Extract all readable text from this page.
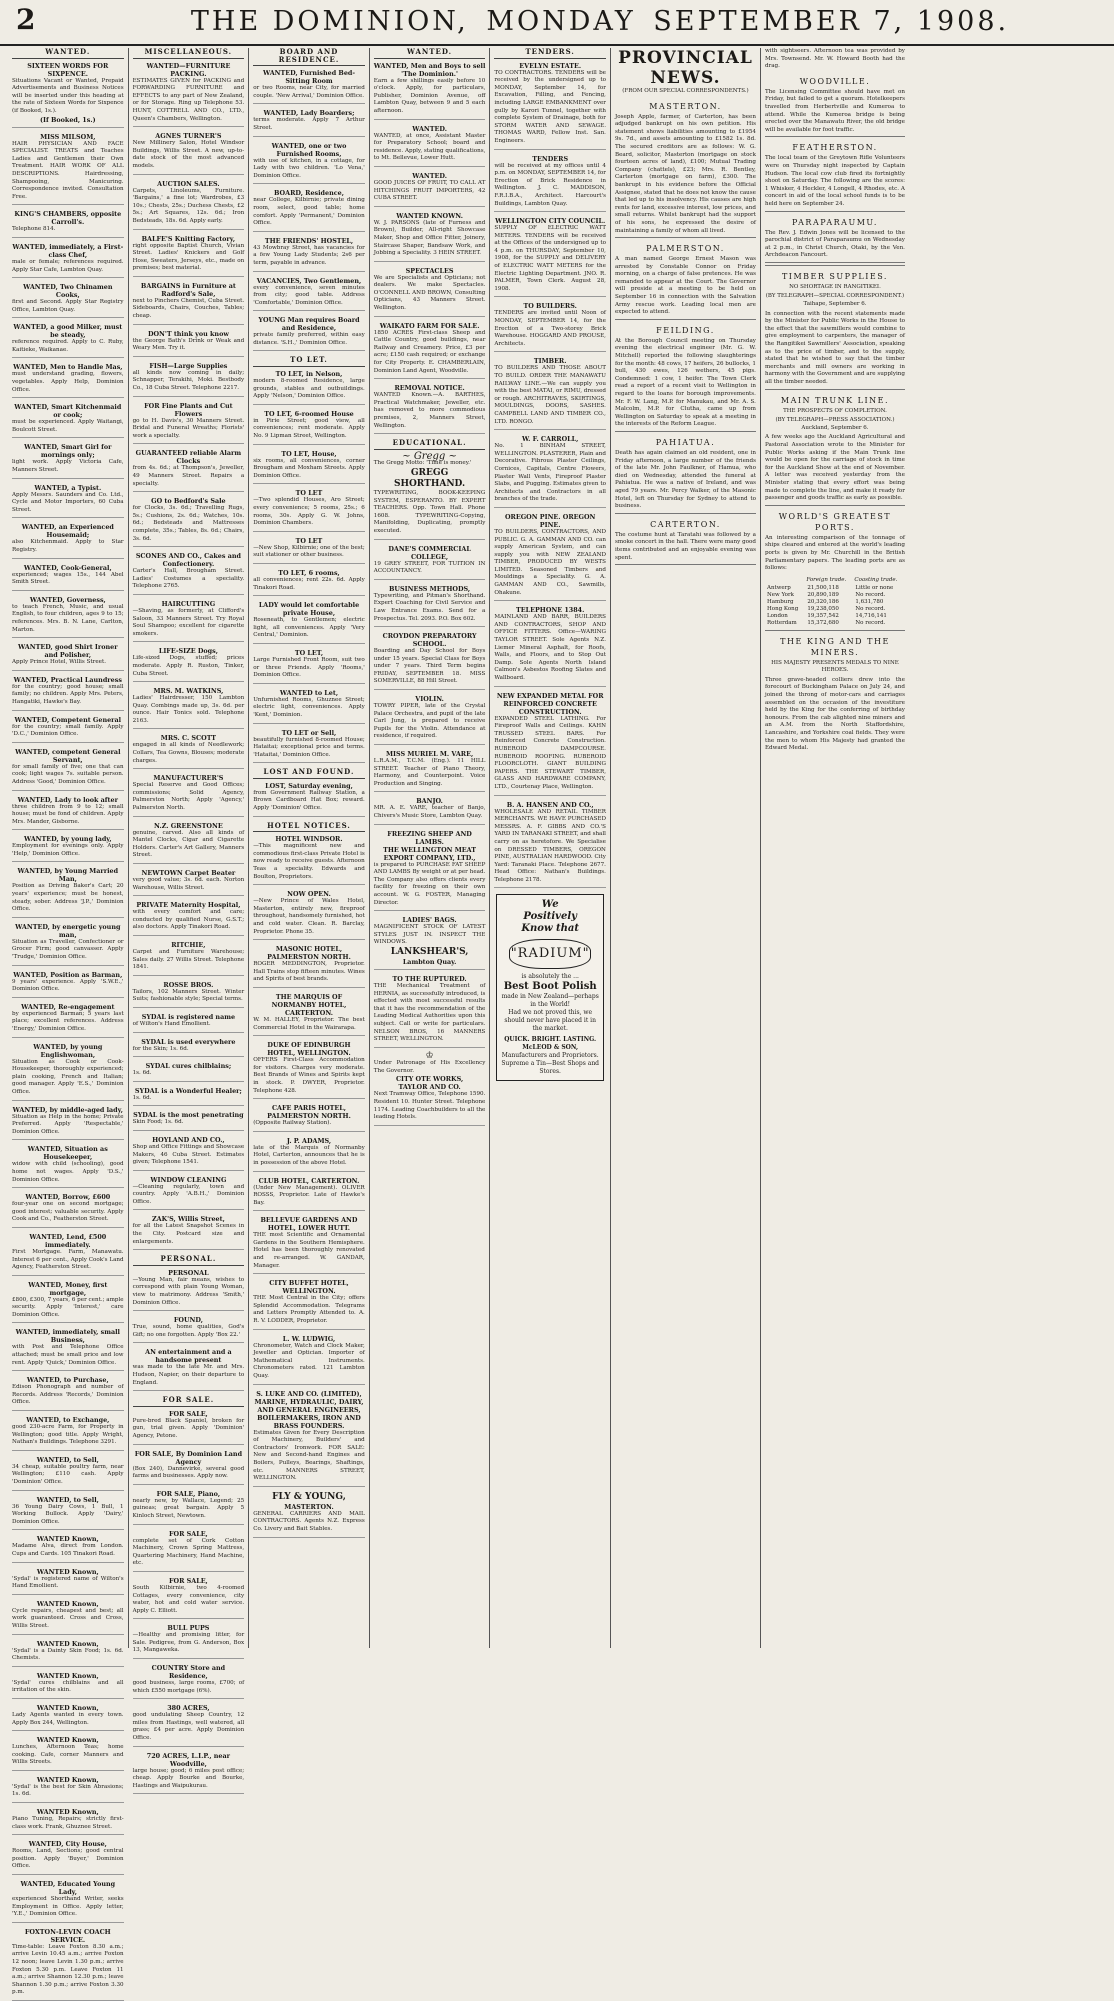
2	THE DOMINION, MONDAY SEPTEMBER 7, 1908.
WANTED.
SIXTEEN WORDS FOR SIXPENCE.
Situations Vacant or Wanted, Prepaid Advertisements and Business Notices will be inserted under this heading at the rate of Sixteen Words for Sixpence (if Booked, 1s.).
(If Booked, 1s.)
MISS MILSOM,
HAIR PHYSICIAN AND FACE SPECIALIST. TREATS and Teaches Ladies and Gentlemen their Own Treatment. HAIR WORK OF ALL DESCRIPTIONS. Hairdressing, Shampooing, Manicuring. Correspondence invited. Consultation Free.
KING'S CHAMBERS, opposite Carroll's.
Telephone 814.
WANTED, immediately, a First-class Chef,
male or female; references required. Apply Star Cafe, Lambton Quay.
WANTED, Two Chinamen Cooks,
first and Second. Apply Star Registry Office, Lambton Quay.
WANTED, a good Milker, must be steady,
reference required. Apply to C. Ruby, Kaitieke, Waikanae.
WANTED, Men to Handle Mas,
must understand grading, flowers, vegetables. Apply Help, Dominion Office.
WANTED, Smart Kitchenmaid or cook;
must be experienced. Apply Waitangi, Boulcott Street.
WANTED, Smart Girl for mornings only;
light work. Apply Victoria Cafe, Manners Street.
WANTED, a Typist.
Apply Messrs. Saunders and Co. Ltd., Cycle and Motor Importers, 60 Cuba Street.
WANTED, an Experienced Housemaid;
also Kitchenmaid. Apply to Star Registry.
WANTED, Cook-General,
experienced; wages 15s., 144 Abel Smith Street.
WANTED, Governess,
to teach French, Music, and usual English, to four children, ages 9 to 15; references. Mrs. B. N. Lane, Carlton, Marton.
WANTED, good Shirt Ironer and Polisher,
Apply Prince Hotel, Willis Street.
WANTED, Practical Laundress
for the country; good house; small family; no children. Apply Mrs. Peters, Hangatiki, Hawke's Bay.
WANTED, Competent General
for the country; small family. Apply 'D.C.,' Dominion Office.
WANTED, competent General Servant,
for small family of five; one that can cook; light wages 7s. suitable person. Address 'Good,' Dominion Office.
WANTED, Lady to look after
three children from 9 to 12; small house; must be fond of children. Apply Mrs. Mander, Gisborne.
WANTED, by young lady,
Employment for evenings only. Apply 'Help,' Dominion Office.
WANTED, by Young Married Man,
Position as Driving Baker's Cart; 20 years' experience; must be honest, steady, sober. Address 'J.P.,' Dominion Office.
WANTED, by energetic young man,
Situation as Traveller, Confectioner or Grocer Firm; good canvasser. Apply 'Trudge,' Dominion Office.
WANTED, Position as Barman,
9 years' experience. Apply 'S.W.E.,' Dominion Office.
WANTED, Re-engagement
by experienced Barman; 5 years last place; excellent references. Address 'Energy,' Dominion Office.
WANTED, by young Englishwoman,
Situation as Cook or Cook-Housekeeper, thoroughly experienced; plain cooking, French and Italian; good manager. Apply 'E.S.,' Dominion Office.
WANTED, by middle-aged lady,
Situation as Help in the home; Private Preferred. Apply 'Respectable,' Dominion Office.
WANTED, Situation as Housekeeper,
widow with child (schooling), good home not wages. Apply 'D.S.,' Dominion Office.
WANTED, Borrow, £600
four-year one on second mortgage; good interest; valuable security. Apply Cook and Co., Featherston Street.
WANTED, Lend, £500 immediately.
First Mortgage. Farm, Manawatu. Interest 6 per cent., Apply Cook's Land Agency, Featherston Street.
WANTED, Money, first mortgage,
£800, £300, 7 years, 6 per cent.; ample security. Apply 'Interest,' care Dominion Office.
WANTED, immediately, small Business,
with Post and Telephone Office attached; must be small price and low rent. Apply 'Quick,' Dominion Office.
WANTED, to Purchase,
Edison Phonograph and number of Records. Address 'Records,' Dominion Office.
WANTED, to Exchange,
good 230-acre Farm, for Property in Wellington; good title. Apply Wright, Nathan's Buildings. Telephone 3291.
WANTED, to Sell,
34 cheap, suitable poultry farm, near Wellington; £110 cash. Apply 'Dominion' Office.
WANTED, to Sell,
36 Young Dairy Cows, 1 Bull, 1 Working Bullock. Apply 'Dairy,' Dominion Office.
WANTED Known,
Madame Alva, direct from London. Cups and Cards. 105 Tinakori Road.
WANTED Known,
'Sydal' is registered name of Wilton's Hand Emollient.
WANTED Known,
Cycle repairs, cheapest and best; all work guaranteed. Cross and Cross, Willis Street.
WANTED Known,
'Sydal' is a Dainty Skin Food; 1s. 6d. Chemists.
WANTED Known,
'Sydal' cures chilblains and all irritation of the skin.
WANTED Known,
Lady Agents wanted in every town. Apply Box 244, Wellington.
WANTED Known,
Lunches, Afternoon Teas; home cooking. Cafe, corner Manners and Willis Streets.
WANTED Known,
'Sydal' is the best for Skin Abrasions; 1s. 6d.
WANTED Known,
Piano Tuning, Repairs; strictly first-class work. Frank, Ghuznee Street.
WANTED, City House,
Rooms, Land, Sections; good central position. Apply 'Buyer,' Dominion Office.
WANTED, Educated Young Lady,
experienced Shorthand Writer, seeks Employment in Office. Apply letter, 'Y.E.,' Dominion Office.
FOXTON-LEVIN COACH SERVICE.
Time-table: Leave Foxton 8.30 a.m.; arrive Levin 10.45 a.m.; arrive Foxton 12 noon; leave Levin 1.30 p.m.; arrive Foxton 5.30 p.m. Leave Foxton 11 a.m.; arrive Shannon 12.30 p.m.; leave Shannon 1.30 p.m.; arrive Foxton 3.30 p.m.
MISCELLANEOUS.
WANTED—FURNITURE PACKING.
ESTIMATES GIVEN for PACKING and FORWARDING FURNITURE and EFFECTS to any part of New Zealand, or for Storage. Ring up Telephone 53. HUNT, COTTRELL AND CO., LTD., Queen's Chambers, Wellington.
AGNES TURNER'S
New Millinery Salon, Hotel Windsor Buildings, Willis Street. A new, up-to-date stock of the most advanced models.
AUCTION SALES.
Carpets, Linoleums, Furniture. 'Bargains,' a fine lot; Wardrobes, £3 10s.; Chests, 25s.; Duchess Chests, £2 5s.; Art Squares, 12s. 6d.; Iron Bedsteads, 18s. 6d. Apply early.
BALFE'S Knitting Factory,
right opposite Baptist Church, Vivian Street. Ladies' Knickers and Golf Hose, Sweaters, Jerseys, etc., made on premises; best material.
BARGAINS in Furniture at Radford's Sale,
next to Pinchers Chemist, Cuba Street. Sideboards, Chairs, Couches, Tables; cheap.
DON'T think you know
the George Bath's Drink or Weak and Weary Men. Try it.
FISH—Large Supplies
all kinds now coming in daily; Schnapper, Terakihi, Moki. Bestbody Co., 18 Cuba Street. Telephone 2217.
FOR Fine Plants and Cut Flowers
go to H. Davis's, 30 Manners Street. Bridal and Funeral Wreaths; Florists' work a specialty.
GUARANTEED reliable Alarm Clocks
from 4s. 6d.; at Thompson's, Jeweller, 49 Manners Street. Repairs a specialty.
GO to Bedford's Sale
for Clocks, 3s. 6d.; Travelling Rugs, 5s.; Cushions, 2s. 6d.; Watches, 10s. 6d.; Bedsteads and Mattresses complete, 35s.; Tables, 8s. 6d.; Chairs, 3s. 6d.
SCONES AND CO., Cakes and Confectionery.
Carter's Hall, Brougham Street. Ladies' Costumes a speciality. Telephone 2765.
HAIRCUTTING
—Shaving, as formerly, at Clifford's Saloon, 33 Manners Street. Try Royal Soul Shampoo; excellent for cigarette smokers.
LIFE-SIZE Dogs,
Life-sized Dogs, stuffed; prices moderate. Apply R. Ruston, Tinker, Cuba Street.
MRS. M. WATKINS,
Ladies' Hairdresser, 150 Lambton Quay. Combings made up, 3s. 6d. per ounce. Hair Tonics sold. Telephone 2163.
MRS. C. SCOTT
engaged in all kinds of Needlework; Collars, Tea Gowns, Blouses; moderate charges.
MANUFACTURER'S
Special Reserve and Good Offices; commissions; Solid Agency, Palmerston North; Apply 'Agency,' Palmerston North.
N.Z. GREENSTONE
genuine, carved. Also all kinds of Mantel Clocks, Cigar and Cigarette Holders. Carter's Art Gallery, Manners Street.
NEWTOWN Carpet Beater
very good value; 3s. 6d. each. Norton Warehouse, Willis Street.
PRIVATE Maternity Hospital,
with every comfort and care; conducted by qualified Nurse, G.S.T.; also doctors. Apply Tinakori Road.
RITCHIE,
Carpet and Furniture Warehouse; Sales daily. 27 Willis Street. Telephone 1841.
ROSSE BROS.
Tailors, 102 Manners Street. Winter Suits; fashionable style; Special terms.
SYDAL is registered name
of Wilton's Hand Emollient.
SYDAL is used everywhere
for the Skin; 1s. 6d.
SYDAL cures chilblains;
1s. 6d.
SYDAL is a Wonderful Healer;
1s. 6d.
SYDAL is the most penetrating
Skin Food; 1s. 6d.
HOYLAND AND CO.,
Shop and Office Fittings and Showcase Makers, 46 Cuba Street. Estimates given; Telephone 1541.
WINDOW CLEANING
—Cleaning regularly, town and country. Apply 'A.B.H.,' Dominion Office.
ZAK'S, Willis Street,
for all the Latest Snapshot Scenes in the City. Postcard size and enlargements.
PERSONAL.
PERSONAL
—Young Man, fair means, wishes to correspond with plain Young Woman, view to matrimony. Address 'Smith,' Dominion Office.
FOUND,
True, sound, home qualities, God's Gift; no one forgotten. Apply 'Box 22.'
AN entertainment and a handsome present
was made to the late Mr. and Mrs. Hudson, Napier, on their departure to England.
FOR SALE.
FOR SALE,
Pure-bred Black Spaniel, broken for gun, trial given. Apply 'Dominion' Agency, Petone.
FOR SALE, By Dominion Land Agency
(Box 240), Dannevirke, several good farms and businesses. Apply now.
FOR SALE, Piano,
nearly new, by Wallace, Legend; 25 guineas; great bargain. Apply 5 Kinloch Street, Newtown.
FOR SALE,
complete set of Cork Cotton Machinery, Crown Spring Mattress, Quartering Machinery, Hand Machine, etc.
FOR SALE,
South Kilbirnie, two 4-roomed Cottages, every convenience, city water, hot and cold water service. Apply C. Elliott.
BULL PUPS
—Healthy and promising litter, for Sale. Pedigree, from G. Anderson, Box 13, Mangaweka.
COUNTRY Store and Residence,
good business, large rooms, £700; of which £550 mortgage (6%).
380 ACRES,
good undulating Sheep Country, 12 miles from Hastings, well watered, all grass; £4 per acre. Apply Dominion Office.
720 ACRES, L.I.P., near Woodville,
large house; good; 6 miles post office; cheap. Apply Bourke and Bourke, Hastings and Waipukurau.
BOARD AND RESIDENCE.
WANTED, Furnished Bed-Sitting Room
or two Rooms, near City, for married couple. 'New Arrival,' Dominion Office.
WANTED, Lady Boarders;
terms moderate. Apply 7 Arthur Street.
WANTED, one or two Furnished Rooms,
with use of kitchen, in a cottage, for Lady with two children. 'Lo Vena,' Dominion Office.
BOARD, Residence,
near College, Kilbirnie; private dining room, select, good table; home comfort. Apply 'Permanent,' Dominion Office.
THE FRIENDS' HOSTEL,
43 Mowbray Street, has vacancies for a few Young Lady Students; 2s6 per term, payable in advance.
VACANCIES, Two Gentlemen,
every convenience, seven minutes from city; good table. Address 'Comfortable,' Dominion Office.
YOUNG Man requires Board and Residence,
private family preferred, within easy distance. 'S.H.,' Dominion Office.
TO LET.
TO LET, in Nelson,
modern 8-roomed Residence, large grounds, stables and outbuildings. Apply 'Nelson,' Dominion Office.
TO LET, 6-roomed House
in Pirie Street; good view, all conveniences; rent moderate. Apply No. 9 Lipman Street, Wellington.
TO LET, House,
six rooms, all conveniences, corner Brougham and Moxham Streets. Apply Dominion Office.
TO LET
—Two splendid Houses, Aro Street; every convenience; 5 rooms, 25s.; 6 rooms, 30s. Apply G. W. Johns, Dominion Chambers.
TO LET
—New Shop, Kilbirnie; one of the best; suit stationer or other business.
TO LET, 6 rooms,
all conveniences; rent 22s. 6d. Apply Tinakori Road.
LADY would let comfortable private House,
Roseneath, to Gentlemen; electric light, all conveniences. Apply 'Very Central,' Dominion.
TO LET,
Large Furnished Front Room, suit two or three Friends. Apply 'Rooms,' Dominion Office.
WANTED to Let,
Unfurnished Rooms, Ghuznee Street; electric light, conveniences. Apply 'Kent,' Dominion.
TO LET or Sell,
beautifully furnished 8-roomed House; Hataitai; exceptional price and terms. 'Hataitai,' Dominion Office.
LOST AND FOUND.
LOST, Saturday evening,
from Government Railway Station, a Brown Cardboard Hat Box; reward. Apply 'Dominion' Office.
HOTEL NOTICES.
HOTEL WINDSOR.
—This magnificent new and commodious first-class Private Hotel is now ready to receive guests. Afternoon Teas a speciality. Edwards and Boulton, Proprietors.
NOW OPEN.
—New Prince of Wales Hotel, Masterton, entirely new, fireproof throughout, handsomely furnished, hot and cold water. Clean. R. Barclay, Proprietor. Phone 35.
MASONIC HOTEL, PALMERSTON NORTH.
ROGER MEDDINGTON, Proprietor. Hall Trains stop fifteen minutes. Wines and Spirits of best brands.
THE MARQUIS OF NORMANBY HOTEL, CARTERTON.
W. M. HALLEY, Proprietor. The best Commercial Hotel in the Wairarapa.
DUKE OF EDINBURGH HOTEL, WELLINGTON.
OFFERS First-Class Accommodation for visitors. Charges very moderate. Best Brands of Wines and Spirits kept in stock. P. DWYER, Proprietor. Telephone 428.
CAFE PARIS HOTEL, PALMERSTON NORTH.
(Opposite Railway Station).
J. P. ADAMS,
late of the Marquis of Normanby Hotel, Carterton, announces that he is in possession of the above Hotel.
CLUB HOTEL, CARTERTON.
(Under New Management). OLIVER ROSSS, Proprietor. Late of Hawke's Bay.
BELLEVUE GARDENS AND HOTEL, LOWER HUTT.
THE most Scientific and Ornamental Gardens in the Southern Hemisphere. Hotel has been thoroughly renovated and re-arranged. W. GANDAR, Manager.
CITY BUFFET HOTEL, WELLINGTON.
THE Most Central in the City; offers Splendid Accommodation. Telegrams and Letters Promptly Attended to. A. R. V. LODDER, Proprietor.
L. W. LUDWIG,
Chronometer, Watch and Clock Maker, Jeweller and Optician. Importer of Mathematical Instruments. Chronometers rated. 121 Lambton Quay.
S. LUKE AND CO. (LIMITED),
MARINE, HYDRAULIC, DAIRY, AND GENERAL ENGINEERS, BOILERMAKERS, IRON AND BRASS FOUNDERS.
Estimates Given for Every Description of Machinery, Builders' and Contractors' Ironwork. FOR SALE: New and Second-hand Engines and Boilers, Pulleys, Bearings, Shaftings, etc. MANNERS STREET, WELLINGTON.
FLY & YOUNG,
MASTERTON.
GENERAL CARRIERS AND MAIL CONTRACTORS. Agents N.Z. Express Co. Livery and Bait Stables.
WANTED.
WANTED, Men and Boys to sell 'The Dominion.'
Earn a few shillings easily before 10 o'clock. Apply, for particulars, Publisher, Dominion Avenue, off Lambton Quay, between 9 and 5 each afternoon.
WANTED.
WANTED, at once, Assistant Master for Preparatory School; board and residence. Apply, stating qualifications, to Mt. Bellevue, Lower Hutt.
WANTED.
GOOD JUICES OF FRUIT, TO CALL AT HITCHINGS FRUIT IMPORTERS, 42 CUBA STREET.
WANTED KNOWN.
W. J. PARSONS (late of Furness and Brown), Builder, All-right Showcase Maker, Shop and Office Fitter, Joinery, Staircase Shaper, Bandsaw Work, and Jobbing a Speciality. 3 HEIN STREET.
SPECTACLES
We are Specialists and Opticians; not dealers. We make Spectacles. O'CONNELL AND BROWN, Consulting Opticians, 43 Manners Street. Wellington.
WAIKATO FARM FOR SALE.
1850 ACRES First-class Sheep and Cattle Country, good buildings, near Railway and Creamery. Price, £3 per acre; £150 cash required; or exchange for City Property. E. CHAMBERLAIN, Dominion Land Agent, Woodville.
REMOVAL NOTICE.
WANTED Known.—A. BARTHES, Practical Watchmaker, Jeweller, etc. has removed to more commodious premises, 2, Manners Street, Wellington.
EDUCATIONAL.
~ Gregg ~
The Gregg Motto: 'Time is money.'
GREGG SHORTHAND.
TYPEWRITING, BOOK-KEEPING SYSTEM, ESPERANTO. BY EXPERT TEACHERS. Opp. Town Hall. Phone 1608. TYPEWRITING-Copying, Manifolding, Duplicating, promptly executed.
DANE'S COMMERCIAL COLLEGE,
19 GREY STREET, FOR TUITION IN ACCOUNTANCY.
BUSINESS METHODS,
Typewriting, and Pitman's Shorthand. Expert Coaching for Civil Service and Law Entrance Exams. Send for a Prospectus. Tel. 2093. P.O. Box 602.
CROYDON PREPARATORY SCHOOL.
Boarding and Day School for Boys under 15 years. Special Class for Boys under 7 years. Third Term begins FRIDAY, SEPTEMBER 18. MISS SOMERVILLE, 88 Hill Street.
VIOLIN.
TOWRY PIPER, late of the Crystal Palace Orchestra, and pupil of the late Carl Jung, is prepared to receive Pupils for the Violin. Attendance at residence, if required.
MISS MURIEL M. VARE,
L.R.A.M., T.C.M. (Eng.). 11 HILL STREET. Teacher of Piano Theory, Harmony, and Counterpoint. Voice Production and Singing.
BANJO.
MR. A. E. VARE, teacher of Banjo, Chivers's Music Store, Lambton Quay.
FREEZING SHEEP AND LAMBS.
THE WELLINGTON MEAT EXPORT COMPANY, LTD.,
is prepared to PURCHASE FAT SHEEP AND LAMBS By weight or at per head. The Company also offers clients every facility for freezing on their own account. W. G. FOSTER, Managing Director.
LADIES' BAGS.
MAGNIFICENT STOCK OF LATEST STYLES JUST IN. INSPECT THE WINDOWS.
LANKSHEAR'S,
Lambton Quay.
TO THE RUPTURED.
THE Mechanical Treatment of HERNIA, as successfully introduced, is effected with most successful results that it has the recommendation of the Leading Medical Authorities upon this subject. Call or write for particulars. NELSON BROS, 16 MANNERS STREET, WELLINGTON.
♔
Under Patronage of His Excellency The Governor.
CITY OTE WORKS,
TAYLOR AND CO.
Next Tramway Office, Telephone 1590. Resident 10. Hunter Street. Telephone 1174. Leading Coachbuilders to all the leading Hotels.
TENDERS.
EVELYN ESTATE.
TO CONTRACTORS. TENDERS will be received by the undersigned up to MONDAY, September 14, for Excavation, Filling, and Fencing, including LARGE EMBANKMENT over gully by Karori Tunnel, together with complete System of Drainage, both for STORM WATER AND SEWAGE. THOMAS WARD, Fellow Inst. San. Engineers.
TENDERS
will be received at my offices until 4 p.m. on MONDAY, SEPTEMBER 14, for Erection of Brick Residence in Wellington. J. C. MADDISON, F.R.I.B.A., Architect. Harcourt's Buildings, Lambton Quay.
WELLINGTON CITY COUNCIL.
SUPPLY OF ELECTRIC WATT METERS. TENDERS will be received at the Offices of the undersigned up to 4 p.m. on THURSDAY, September 10, 1908, for the SUPPLY and DELIVERY of ELECTRIC WATT METERS for the Electric Lighting Department. JNO. R. PALMER, Town Clerk. August 28, 1908.
TO BUILDERS.
TENDERS are invited until Noon of MONDAY, SEPTEMBER 14, for the Erection of a Two-storey Brick Warehouse. HOGGARD AND PROUSE, Architects.
TIMBER.
TO BUILDERS AND THOSE ABOUT TO BUILD. ORDER THE MANAWATU RAILWAY LINE.—We can supply you with the best MATAI, or RIMU, dressed or rough. ARCHITRAVES, SKIRTINGS, MOULDINGS, DOORS, SASHES. CAMPBELL LAND AND TIMBER CO., LTD. RONGO.
W. F. CARROLL,
No. 1 BINHAM STREET, WELLINGTON. PLASTERER, Plain and Decorative. Fibrous Plaster Ceilings, Cornices, Capitals, Centre Flowers, Plaster Wall Vents, Fireproof Plaster Slabs, and Pugging. Estimates given to Architects and Contractors in all branches of the trade.
OREGON PINE. OREGON PINE.
TO BUILDERS, CONTRACTORS, AND PUBLIC. G. A. GAMMAN AND CO. can supply American System, and can supply you with NEW ZEALAND TIMBER, PRODUCED BY WESTS LIMITED. Seasoned Timbers and Mouldings a Speciality. G. A. GAMMAN AND CO., Sawmills, Ohakune.
TELEPHONE 1384.
MAINLAND AND BARR, BUILDERS AND CONTRACTORS, SHOP AND OFFICE FITTERS. Office—WARING TAYLOR STREET. Sole Agents N.Z. Liemer Mineral Asphalt, for Roofs, Walls, and Floors, and to Stop Out Damp. Sole Agents North Island Calmon's Asbestos Roofing Slates and Wallboard.
NEW EXPANDED METAL FOR REINFORCED CONCRETE CONSTRUCTION.
EXPANDED STEEL LATHING. For Fireproof Walls and Ceilings. KAHN TRUSSED STEEL BARS. For Reinforced Concrete Construction. RUBEROID DAMPCOURSE. RUBEROID ROOFING. RUBEROID FLOORCLOTH. GIANT BUILDING PAPERS. THE STEWART TIMBER, GLASS AND HARDWARE COMPANY, LTD., Courtenay Place, Wellington.
B. A. HANSEN AND CO.,
WHOLESALE AND RETAIL TIMBER MERCHANTS. WE HAVE PURCHASED MESSRS. A. F. GIBBS AND CO.'S YARD IN TARANAKI STREET, and shall carry on as heretofore. We Specialise on DRESSED TIMBERS, OREGON PINE, AUSTRALIAN HARDWOOD. City Yard: Taranaki Place. Telephone 2677. Head Office: Nathan's Buildings. Telephone 2178.
We
Positively
Know that
"RADIUM"
is absolutely the ...
Best Boot Polish
made in New Zealand—perhaps in the World!
Had we not proved this, we should never have placed it in the market.
QUICK. BRIGHT. LASTING.
McLEOD & SON,
Manufacturers and Proprietors.
Supreme a Tin—Best Shops and Stores.
PROVINCIAL NEWS.
(FROM OUR SPECIAL CORRESPONDENTS.)
MASTERTON.
Joseph Apple, farmer, of Carterton, has been adjudged bankrupt on his own petition. His statement shows liabilities amounting to £1954 9s. 7d., and assets amounting to £1582 1s. 8d. The secured creditors are as follows: W. G. Beard, solicitor, Masterton (mortgage on stock fourteen acres of land), £100; Mutual Trading Company (chattels), £23; Mrs. R. Bentley, Carterton (mortgage on farm), £300. The bankrupt in his evidence before the Official Assignee, stated that he does not know the cause that led up to his insolvency. His causes are high rents for land, excessive interest, low prices, and small returns. Whilst bankrupt had the support of his sons, he expressed the desire of maintaining a family of whom all lived.
PALMERSTON.
A man named George Ernest Mason was arrested by Constable Connor on Friday morning, on a charge of false pretences. He was remanded to appear at the Court. The Governor will preside at a meeting to be held on September 16 in connection with the Salvation Army rescue work. Leading local men are expected to attend.
FEILDING.
At the Borough Council meeting on Thursday evening the electrical engineer (Mr. G. W. Mitchell) reported the following slaughterings for the month: 48 cows, 17 heifers, 26 bullocks, 1 bull, 430 ewes, 126 wethers, 45 pigs. Condemned: 1 cow, 1 heifer. The Town Clerk read a report of a recent visit to Wellington in regard to the loans for borough improvements. Mr. F. W. Lang, M.P. for Manukau, and Mr. A. S. Malcolm, M.P. for Clutha, came up from Wellington on Saturday to speak at a meeting in the interests of the Reform League.
PAHIATUA.
Death has again claimed an old resident, one in Friday afternoon, a large number of the friends of the late Mr. John Faulkner, of Hamua, who died on Wednesday, attended the funeral at Pahiatua. He was a native of Ireland, and was aged 79 years. Mr. Percy Walker, of the Masonic Hotel, left on Thursday for Sydney to attend to business.
CARTERTON.
The costume hunt at Taratahi was followed by a smoke concert in the hall. There were many good items contributed and an enjoyable evening was spent.
with sightseers. Afternoon tea was provided by Mrs. Townsend. Mr. W. Howard Booth had the drag.
WOODVILLE.
The Licensing Committee should have met on Friday, but failed to get a quorum. Hotelkeepers travelled from Herbertville and Kumeroa to attend. While the Kumeroa bridge is being erected over the Manawatu River, the old bridge will be available for foot traffic.
FEATHERSTON.
The local team of the Greytown Rifle Volunteers were on Thursday night inspected by Captain Hudson. The local cow club fired its fortnightly shoot on Saturday. The following are the scores: 1 Whisker, 4 Heckler, 4 Longell, 4 Rhodes, etc. A concert in aid of the local school funds is to be held here on September 24.
PARAPARAUMU.
The Rev. J. Edwin Jones will be licensed to the parochial district of Paraparaumu on Wednesday at 2 p.m., in Christ Church, Otaki, by the Ven. Archdeacon Fancourt.
TIMBER SUPPLIES.
NO SHORTAGE IN RANGITIKEI.
(BY TELEGRAPH—SPECIAL CORRESPONDENT.) Taihape, September 6.
In connection with the recent statements made by the Minister for Public Works in the House to the effect that the sawmillers would combine to give employment to carpenters, the manager of the Rangitikei Sawmillers' Association, speaking as to the price of timber, and to the supply, stated that he wished to say that the timber merchants and mill owners are working in harmony with the Government and are supplying all the timber needed.
MAIN TRUNK LINE.
THE PROSPECTS OF COMPLETION.
(BY TELEGRAPH—PRESS ASSOCIATION.) Auckland, September 6.
A few weeks ago the Auckland Agricultural and Pastoral Association wrote to the Minister for Public Works asking if the Main Trunk line would be open for the carriage of stock in time for the Auckland Show at the end of November. A letter was received yesterday from the Minister stating that every effort was being made to complete the line, and make it ready for passenger and goods traffic as early as possible.
WORLD'S GREATEST PORTS.
An interesting comparison of the tonnage of ships cleared and entered at the world's leading ports is given by Mr. Churchill in the British Parliamentary papers. The leading ports are as follows:
	Foreign trade.	Coasting trade.
Antwerp	21,500,118	Little or none
New York	20,890,189	No record.
Hamburg	20,320,186	1,631,780
Hong Kong	19,238,050	No record.
London	19,357,542	14,716,141
Rotterdam	15,372,680	No record.
THE KING AND THE MINERS.
HIS MAJESTY PRESENTS MEDALS TO NINE HEROES.
Three grave-headed colliers drew into the forecourt of Buckingham Palace on July 24, and joined the throng of motor-cars and carriages assembled on the occasion of the investiture held by the King for the conferring of birthday honours. From the cab alighted nine miners and an A.M. from the North Staffordshire, Lancashire, and Yorkshire coal fields. They were the men to whom His Majesty had granted the Edward Medal.
